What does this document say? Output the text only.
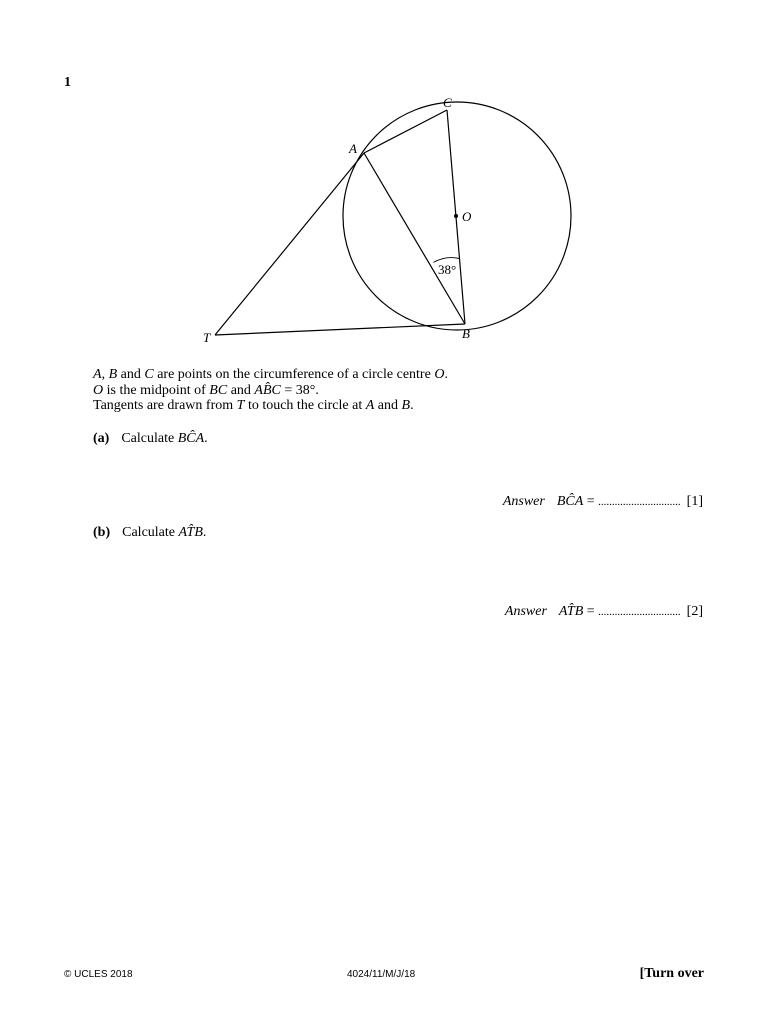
1
C
A
O
T	B
38°
A, B and C are points on the circumference of a circle centre O.
O is the midpoint of BC and AB̂C = 38°.
Tangents are drawn from T to touch the circle at A and B.
(a) Calculate BĈA.
Answer BĈA = .............................. [1]
(b) Calculate AT̂B.
Answer AT̂B = .............................. [2]
© UCLES 2018	4024/11/M/J/18	[Turn over
